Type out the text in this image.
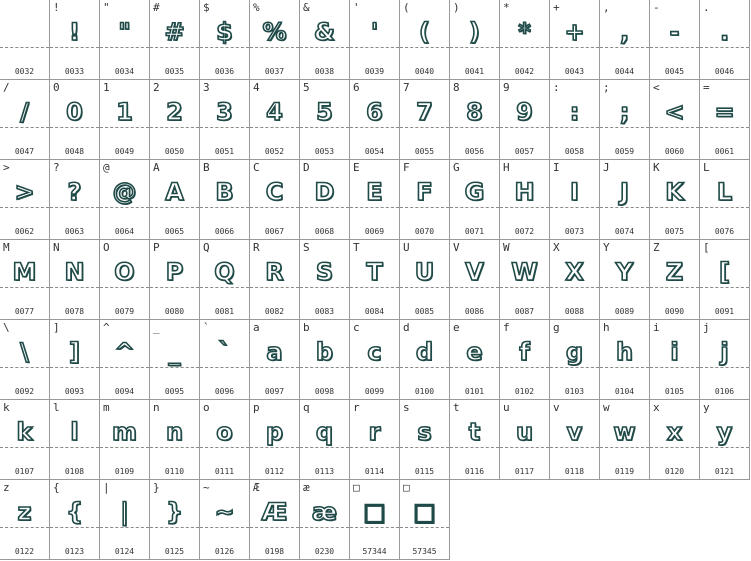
0032
!
!
0033
"
"
0034
#
#
0035
$
$
0036
%
%
0037
&
&
0038
'
'
0039
(
(
0040
)
)
0041
*
*
0042
+
+
0043
,
,
0044
-
-
0045
.
.
0046
/
/
0047
0
0
0048
1
1
0049
2
2
0050
3
3
0051
4
4
0052
5
5
0053
6
6
0054
7
7
0055
8
8
0056
9
9
0057
:
:
0058
;
;
0059
<
<
0060
=
=
0061
>
>
0062
?
?
0063
@
@
0064
A
A
0065
B
B
0066
C
C
0067
D
D
0068
E
E
0069
F
F
0070
G
G
0071
H
H
0072
I
I
0073
J
J
0074
K
K
0075
L
L
0076
M
M
0077
N
N
0078
O
O
0079
P
P
0080
Q
Q
0081
R
R
0082
S
S
0083
T
T
0084
U
U
0085
V
V
0086
W
W
0087
X
X
0088
Y
Y
0089
Z
Z
0090
[
[
0091
\
\
0092
]
]
0093
^
^
0094
_
_
0095
`
`
0096
a
a
0097
b
b
0098
c
c
0099
d
d
0100
e
e
0101
f
f
0102
g
g
0103
h
h
0104
i
i
0105
j
j
0106
k
k
0107
l
l
0108
m
m
0109
n
n
0110
o
o
0111
p
p
0112
q
q
0113
r
r
0114
s
s
0115
t
t
0116
u
u
0117
v
v
0118
w
w
0119
x
x
0120
y
y
0121
z
z
0122
{
{
0123
|
|
0124
}
}
0125
~
~
0126
Æ
Æ
0198
æ
æ
0230
□
□
57344
□
□
57345
